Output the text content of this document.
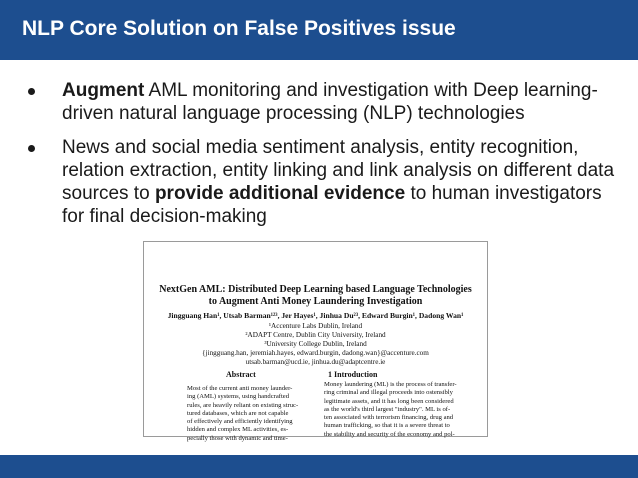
NLP Core Solution on False Positives issue
Augment AML monitoring and investigation with Deep learning-driven natural language processing (NLP) technologies
News and social media sentiment analysis, entity recognition, relation extraction, entity linking and link analysis on different data sources to provide additional evidence to human investigators for final decision-making
NextGen AML: Distributed Deep Learning based Language Technologies
to Augment Anti Money Laundering Investigation
Jingguang Han¹, Utsab Barman¹²³, Jer Hayes¹, Jinhua Du²³, Edward Burgin¹, Dadong Wan¹
¹Accenture Labs Dublin, Ireland
²ADAPT Centre, Dublin City University, Ireland
³University College Dublin, Ireland
{jingguang.han, jeremiah.hayes, edward.burgin, dadong.wan}@accenture.com
utsab.barman@ucd.ie, jinhua.du@adaptcentre.ie
Abstract	1 Introduction
Most of the current anti money launder-
ing (AML) systems, using handcrafted
rules, are heavily reliant on existing struc-
tured databases, which are not capable
of effectively and efficiently identifying
hidden and complex ML activities, es-
pecially those with dynamic and time-
Money laundering (ML) is the process of transfer-
ring criminal and illegal proceeds into ostensibly
legitimate assets, and it has long been considered
as the world's third largest "industry". ML is of-
ten associated with terrorism financing, drug and
human trafficking, so that it is a severe threat to
the stability and security of the economy and pol-
